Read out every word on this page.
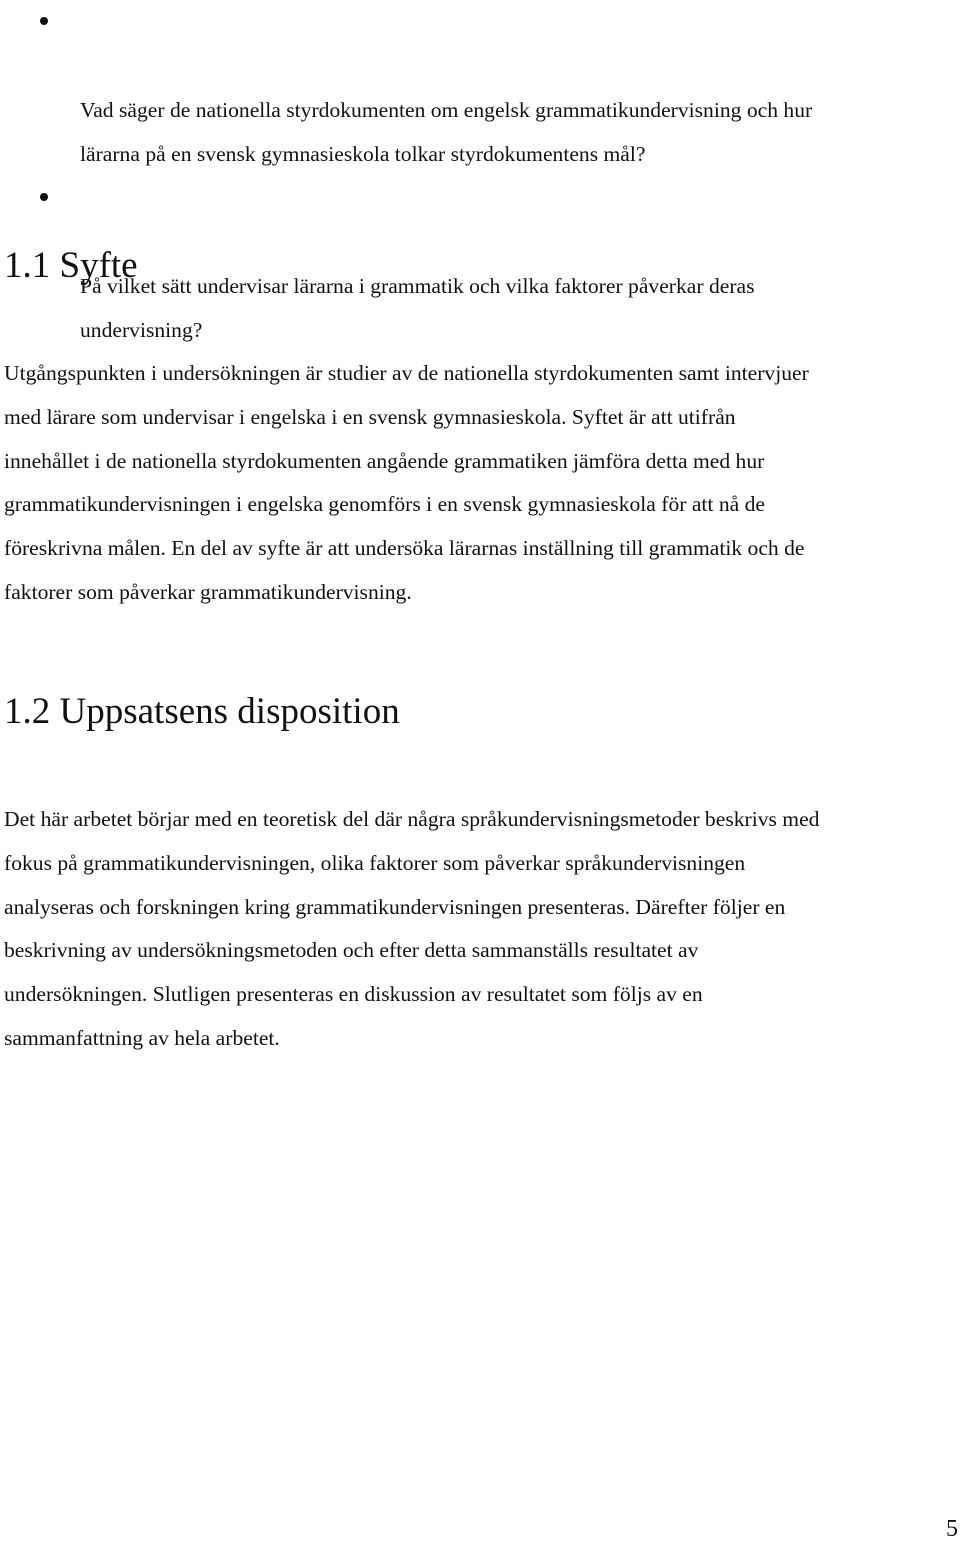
Vad säger de nationella styrdokumenten om engelsk grammatikundervisning och hur
lärarna på en svensk gymnasieskola tolkar styrdokumentens mål?

På vilket sätt undervisar lärarna i grammatik och vilka faktorer påverkar deras
undervisning?

1.1 Syfte

Utgångspunkten i undersökningen är studier av de nationella styrdokumenten samt intervjuer
med lärare som undervisar i engelska i en svensk gymnasieskola. Syftet är att utifrån
innehållet i de nationella styrdokumenten angående grammatiken jämföra detta med hur
grammatikundervisningen i engelska genomförs i en svensk gymnasieskola för att nå de
föreskrivna målen. En del av syfte är att undersöka lärarnas inställning till grammatik och de
faktorer som påverkar grammatikundervisning.

1.2 Uppsatsens disposition

Det här arbetet börjar med en teoretisk del där några språkundervisningsmetoder beskrivs med
fokus på grammatikundervisningen, olika faktorer som påverkar språkundervisningen
analyseras och forskningen kring grammatikundervisningen presenteras. Därefter följer en
beskrivning av undersökningsmetoden och efter detta sammanställs resultatet av
undersökningen. Slutligen presenteras en diskussion av resultatet som följs av en
sammanfattning av hela arbetet.

5
